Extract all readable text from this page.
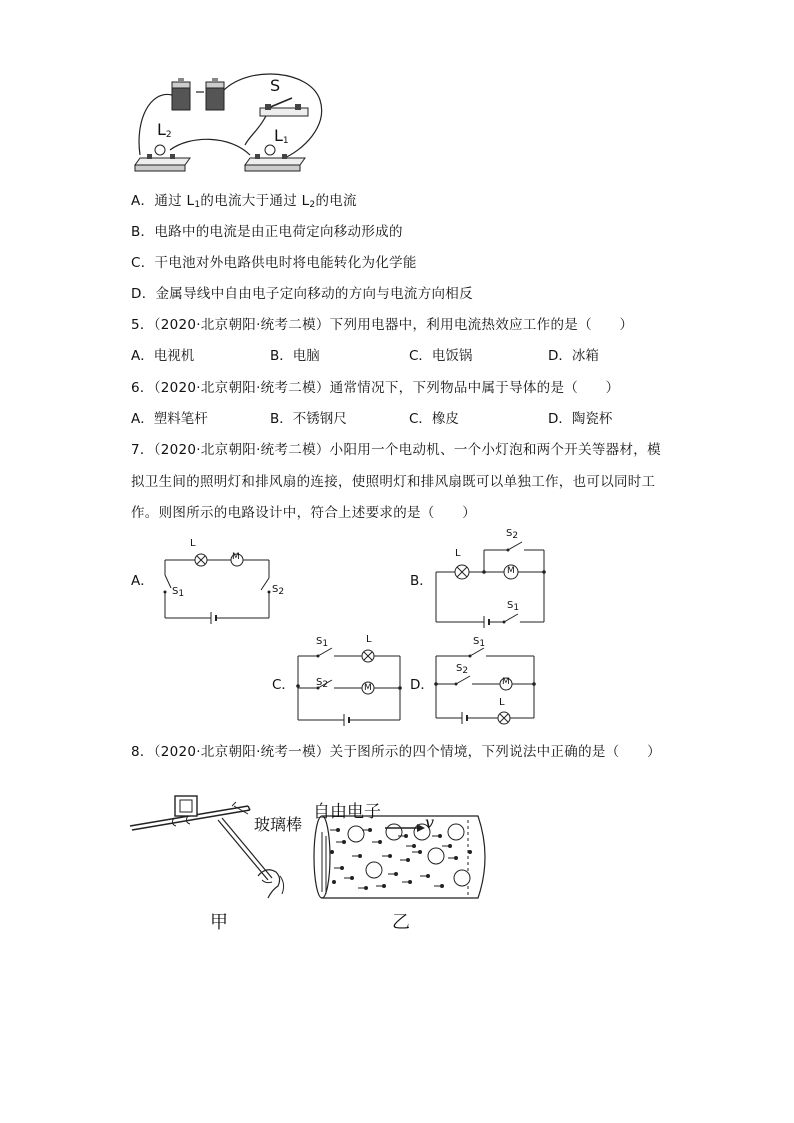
S
$L_2$	$L_1$
A．通过 $L_1$的电流大于通过 $L_2$的电流
B．电路中的电流是由正电荷定向移动形成的
C．干电池对外电路供电时将电能转化为化学能
D．金属导线中自由电子定向移动的方向与电流方向相反
5．（2020·北京朝阳·统考二模）下列用电器中，利用电流热效应工作的是（　　）
A．电视机	B．电脑	C．电饭锅	D．冰箱
6．（2020·北京朝阳·统考二模）通常情况下，下列物品中属于导体的是（　　）
A．塑料笔杆	B．不锈钢尺	C．橡皮	D．陶瓷杯
7．（2020·北京朝阳·统考二模）小阳用一个电动机、一个小灯泡和两个开关等器材，模
拟卫生间的照明灯和排风扇的连接，使照明灯和排风扇既可以单独工作，也可以同时工
作。则图所示的电路设计中，符合上述要求的是（　　）
A．
L
M
$S_1$	$S_2$
B．
L
M
$S_2$
$S_1$
C．
$S_1$	L
$S_2$	M	D．
$S_1$
$S_2$
M
L
8．（2020·北京朝阳·统考一模）关于图所示的四个情境，下列说法中正确的是（　　）
玻璃棒
甲
自由电子
v
乙
